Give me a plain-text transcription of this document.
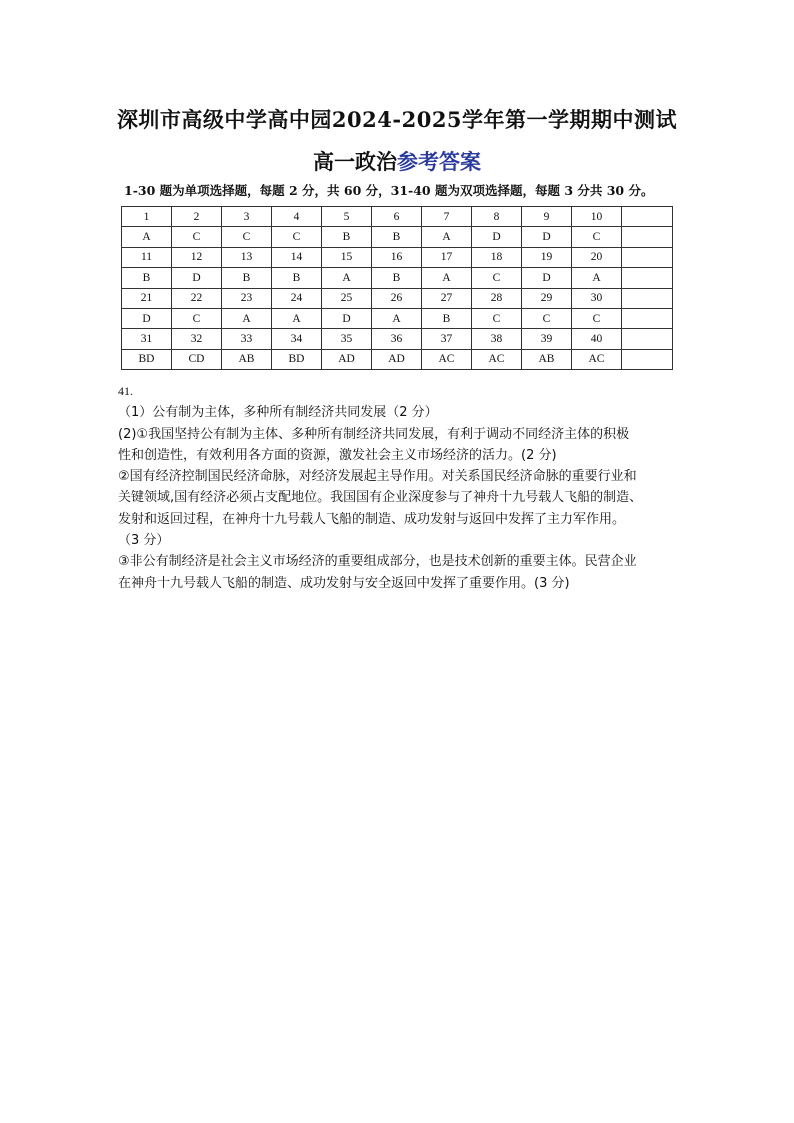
深圳市高级中学高中园2024-2025学年第一学期期中测试
高一政治参考答案
1-30 题为单项选择题，每题 2 分，共 60 分，31-40 题为双项选择题，每题 3 分共 30 分。
1	2	3	4	5	6	7	8	9	10	
A	C	C	C	B	B	A	D	D	C	
11	12	13	14	15	16	17	18	19	20	
B	D	B	B	A	B	A	C	D	A	
21	22	23	24	25	26	27	28	29	30	
D	C	A	A	D	A	B	C	C	C	
31	32	33	34	35	36	37	38	39	40	
BD	CD	AB	BD	AD	AD	AC	AC	AB	AC	

41.

（1）公有制为主体，多种所有制经济共同发展（2 分）

(2)①我国坚持公有制为主体、多种所有制经济共同发展，有利于调动不同经济主体的积极

性和创造性，有效利用各方面的资源，激发社会主义市场经济的活力。(2 分)

②国有经济控制国民经济命脉，对经济发展起主导作用。对关系国民经济命脉的重要行业和

关键领域,国有经济必须占支配地位。我国国有企业深度参与了神舟十九号载人飞船的制造、

发射和返回过程，在神舟十九号载人飞船的制造、成功发射与返回中发挥了主力军作用。

（3 分）

③非公有制经济是社会主义市场经济的重要组成部分，也是技术创新的重要主体。民营企业

在神舟十九号载人飞船的制造、成功发射与安全返回中发挥了重要作用。(3 分)
